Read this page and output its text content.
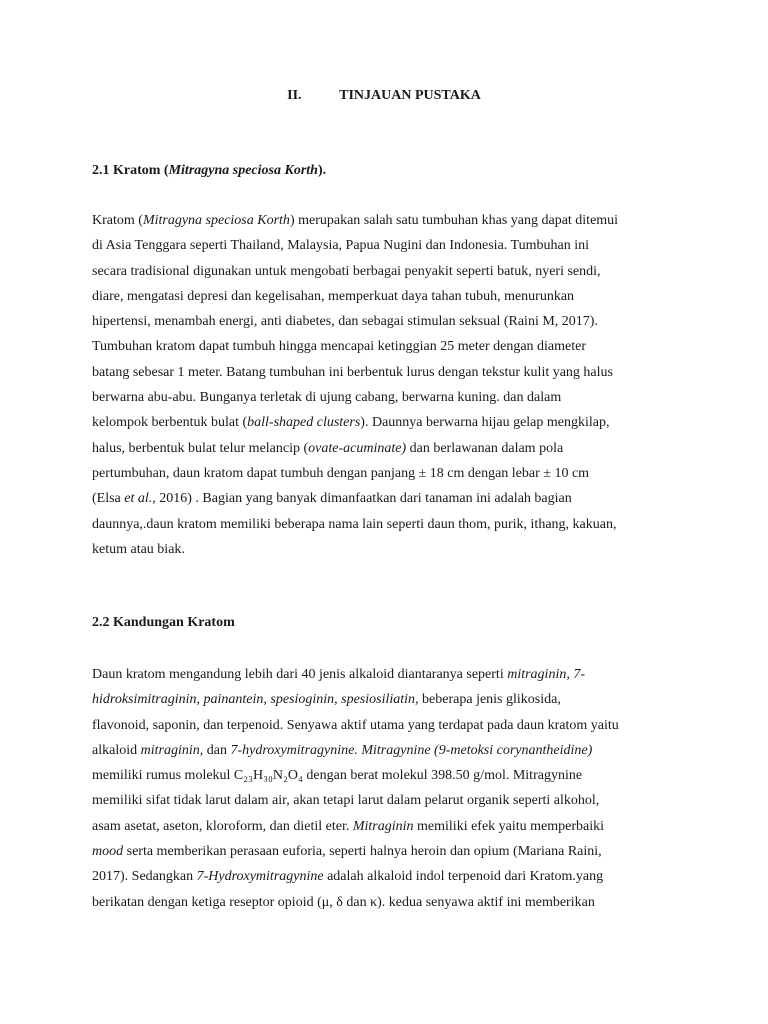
II.	TINJAUAN PUSTAKA
2.1 Kratom (Mitragyna speciosa Korth).

Kratom (Mitragyna speciosa Korth) merupakan salah satu tumbuhan khas yang dapat ditemui
di Asia Tenggara seperti Thailand, Malaysia, Papua Nugini dan Indonesia. Tumbuhan ini
secara tradisional digunakan untuk mengobati berbagai penyakit seperti batuk, nyeri sendi,
diare, mengatasi depresi dan kegelisahan, memperkuat daya tahan tubuh, menurunkan
hipertensi, menambah energi, anti diabetes, dan sebagai stimulan seksual (Raini M, 2017).
Tumbuhan kratom dapat tumbuh hingga mencapai ketinggian 25 meter dengan diameter
batang sebesar 1 meter. Batang tumbuhan ini berbentuk lurus dengan tekstur kulit yang halus
berwarna abu-abu. Bunganya terletak di ujung cabang, berwarna kuning. dan dalam
kelompok berbentuk bulat (ball-shaped clusters). Daunnya berwarna hijau gelap mengkilap,
halus, berbentuk bulat telur melancip (ovate-acuminate) dan berlawanan dalam pola
pertumbuhan, daun kratom dapat tumbuh dengan panjang ± 18 cm dengan lebar ± 10 cm
(Elsa et al., 2016) . Bagian yang banyak dimanfaatkan dari tanaman ini adalah bagian
daunnya,.daun kratom memiliki beberapa nama lain seperti daun thom, purik, ithang, kakuan,
ketum atau biak.

2.2 Kandungan Kratom

Daun kratom mengandung lebih dari 40 jenis alkaloid diantaranya seperti mitraginin, 7-
hidroksimitraginin, painantein, spesioginin, spesiosiliatin, beberapa jenis glikosida,
flavonoid, saponin, dan terpenoid. Senyawa aktif utama yang terdapat pada daun kratom yaitu
alkaloid mitraginin, dan 7-hydroxymitragynine. Mitragynine (9-metoksi corynantheidine)
memiliki rumus molekul C₂₃H₃₀N₂O₄ dengan berat molekul 398.50 g/mol. Mitragynine
memiliki sifat tidak larut dalam air, akan tetapi larut dalam pelarut organik seperti alkohol,
asam asetat, aseton, kloroform, dan dietil eter. Mitraginin memiliki efek yaitu memperbaiki
mood serta memberikan perasaan euforia, seperti halnya heroin dan opium (Mariana Raini,
2017). Sedangkan 7-Hydroxymitragynine adalah alkaloid indol terpenoid dari Kratom.yang
berikatan dengan ketiga reseptor opioid (μ, δ dan κ). kedua senyawa aktif ini memberikan
